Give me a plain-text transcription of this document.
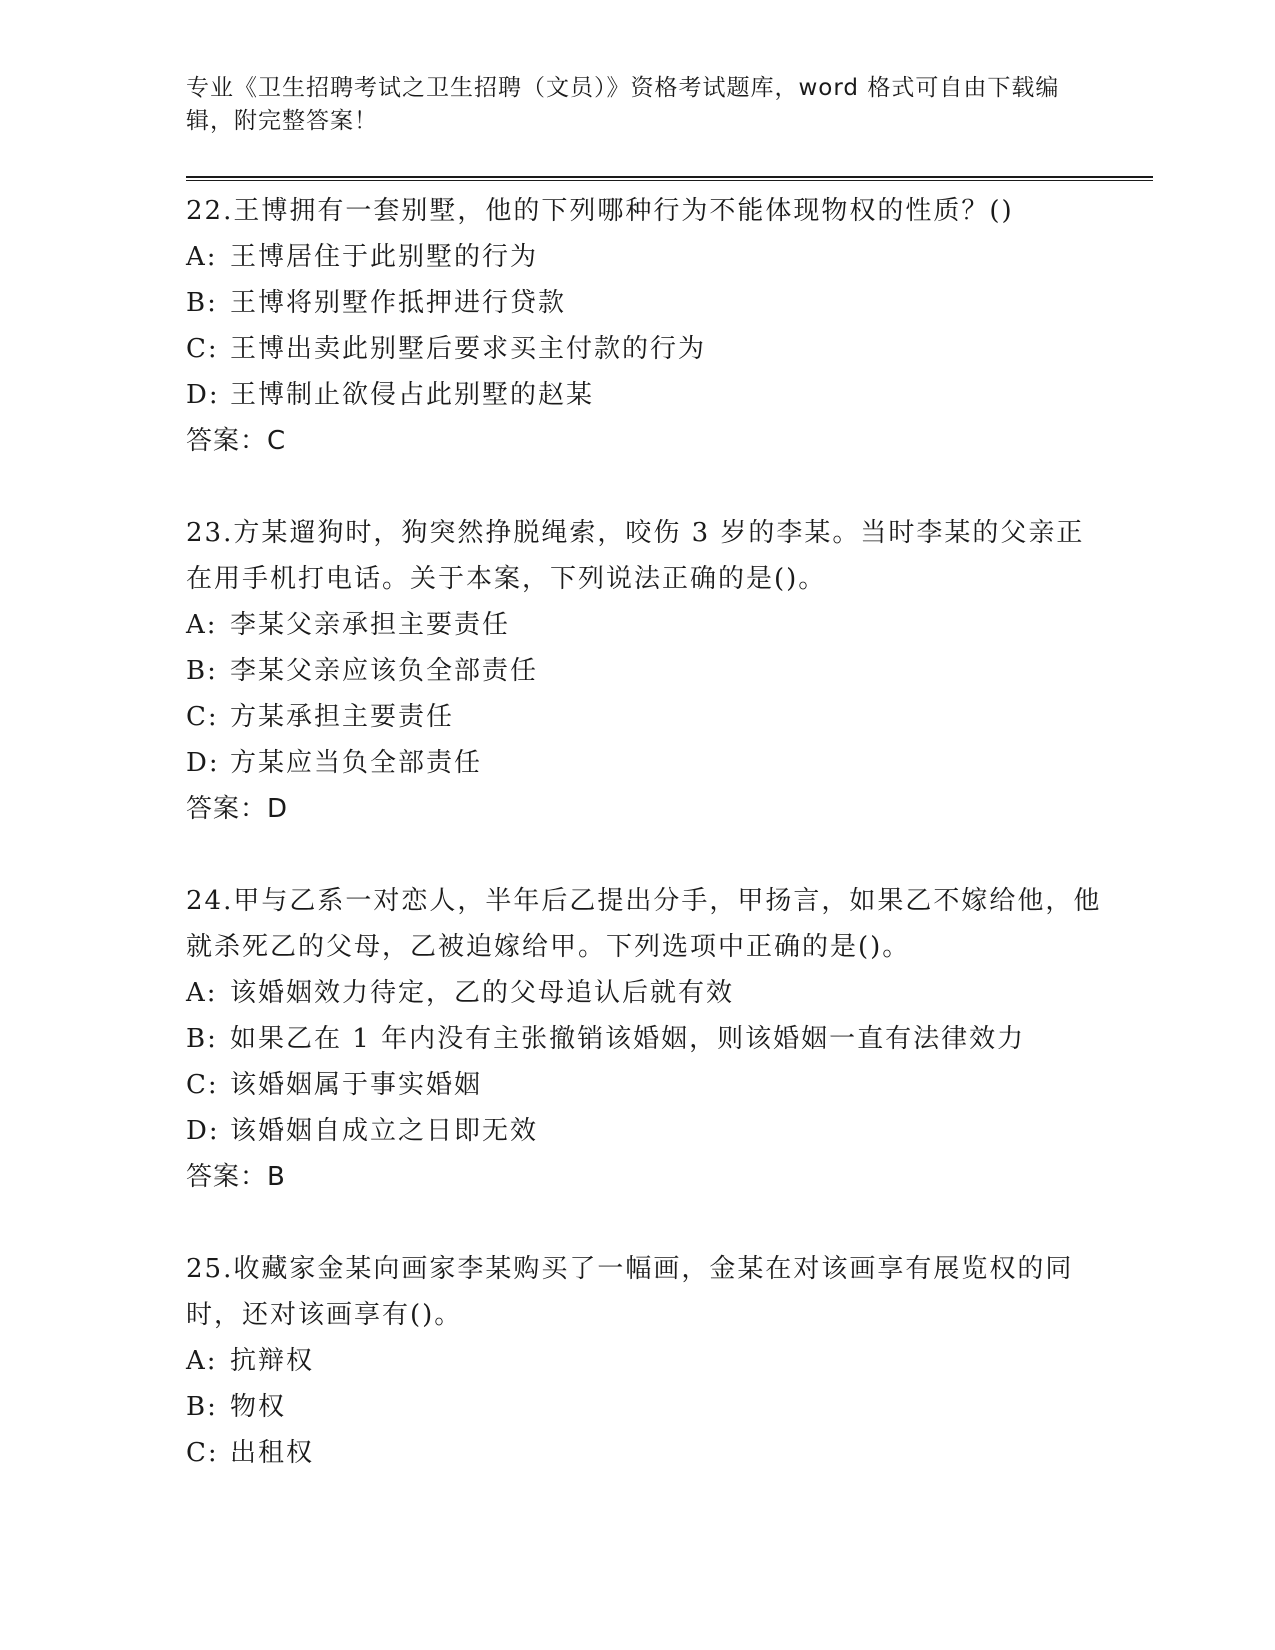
专业《卫生招聘考试之卫生招聘（文员）》资格考试题库，word 格式可自由下载编辑，附完整答案！

22.王博拥有一套别墅，他的下列哪种行为不能体现物权的性质？()

A: 王博居住于此别墅的行为

B: 王博将别墅作抵押进行贷款

C: 王博出卖此别墅后要求买主付款的行为

D: 王博制止欲侵占此别墅的赵某

答案：C

23.方某遛狗时，狗突然挣脱绳索，咬伤 3 岁的李某。当时李某的父亲正在用手机打电话。关于本案，下列说法正确的是()。

A: 李某父亲承担主要责任

B: 李某父亲应该负全部责任

C: 方某承担主要责任

D: 方某应当负全部责任

答案：D

24.甲与乙系一对恋人，半年后乙提出分手，甲扬言，如果乙不嫁给他，他就杀死乙的父母，乙被迫嫁给甲。下列选项中正确的是()。

A: 该婚姻效力待定，乙的父母追认后就有效

B: 如果乙在 1 年内没有主张撤销该婚姻，则该婚姻一直有法律效力

C: 该婚姻属于事实婚姻

D: 该婚姻自成立之日即无效

答案：B

25.收藏家金某向画家李某购买了一幅画，金某在对该画享有展览权的同时，还对该画享有()。

A: 抗辩权

B: 物权

C: 出租权
